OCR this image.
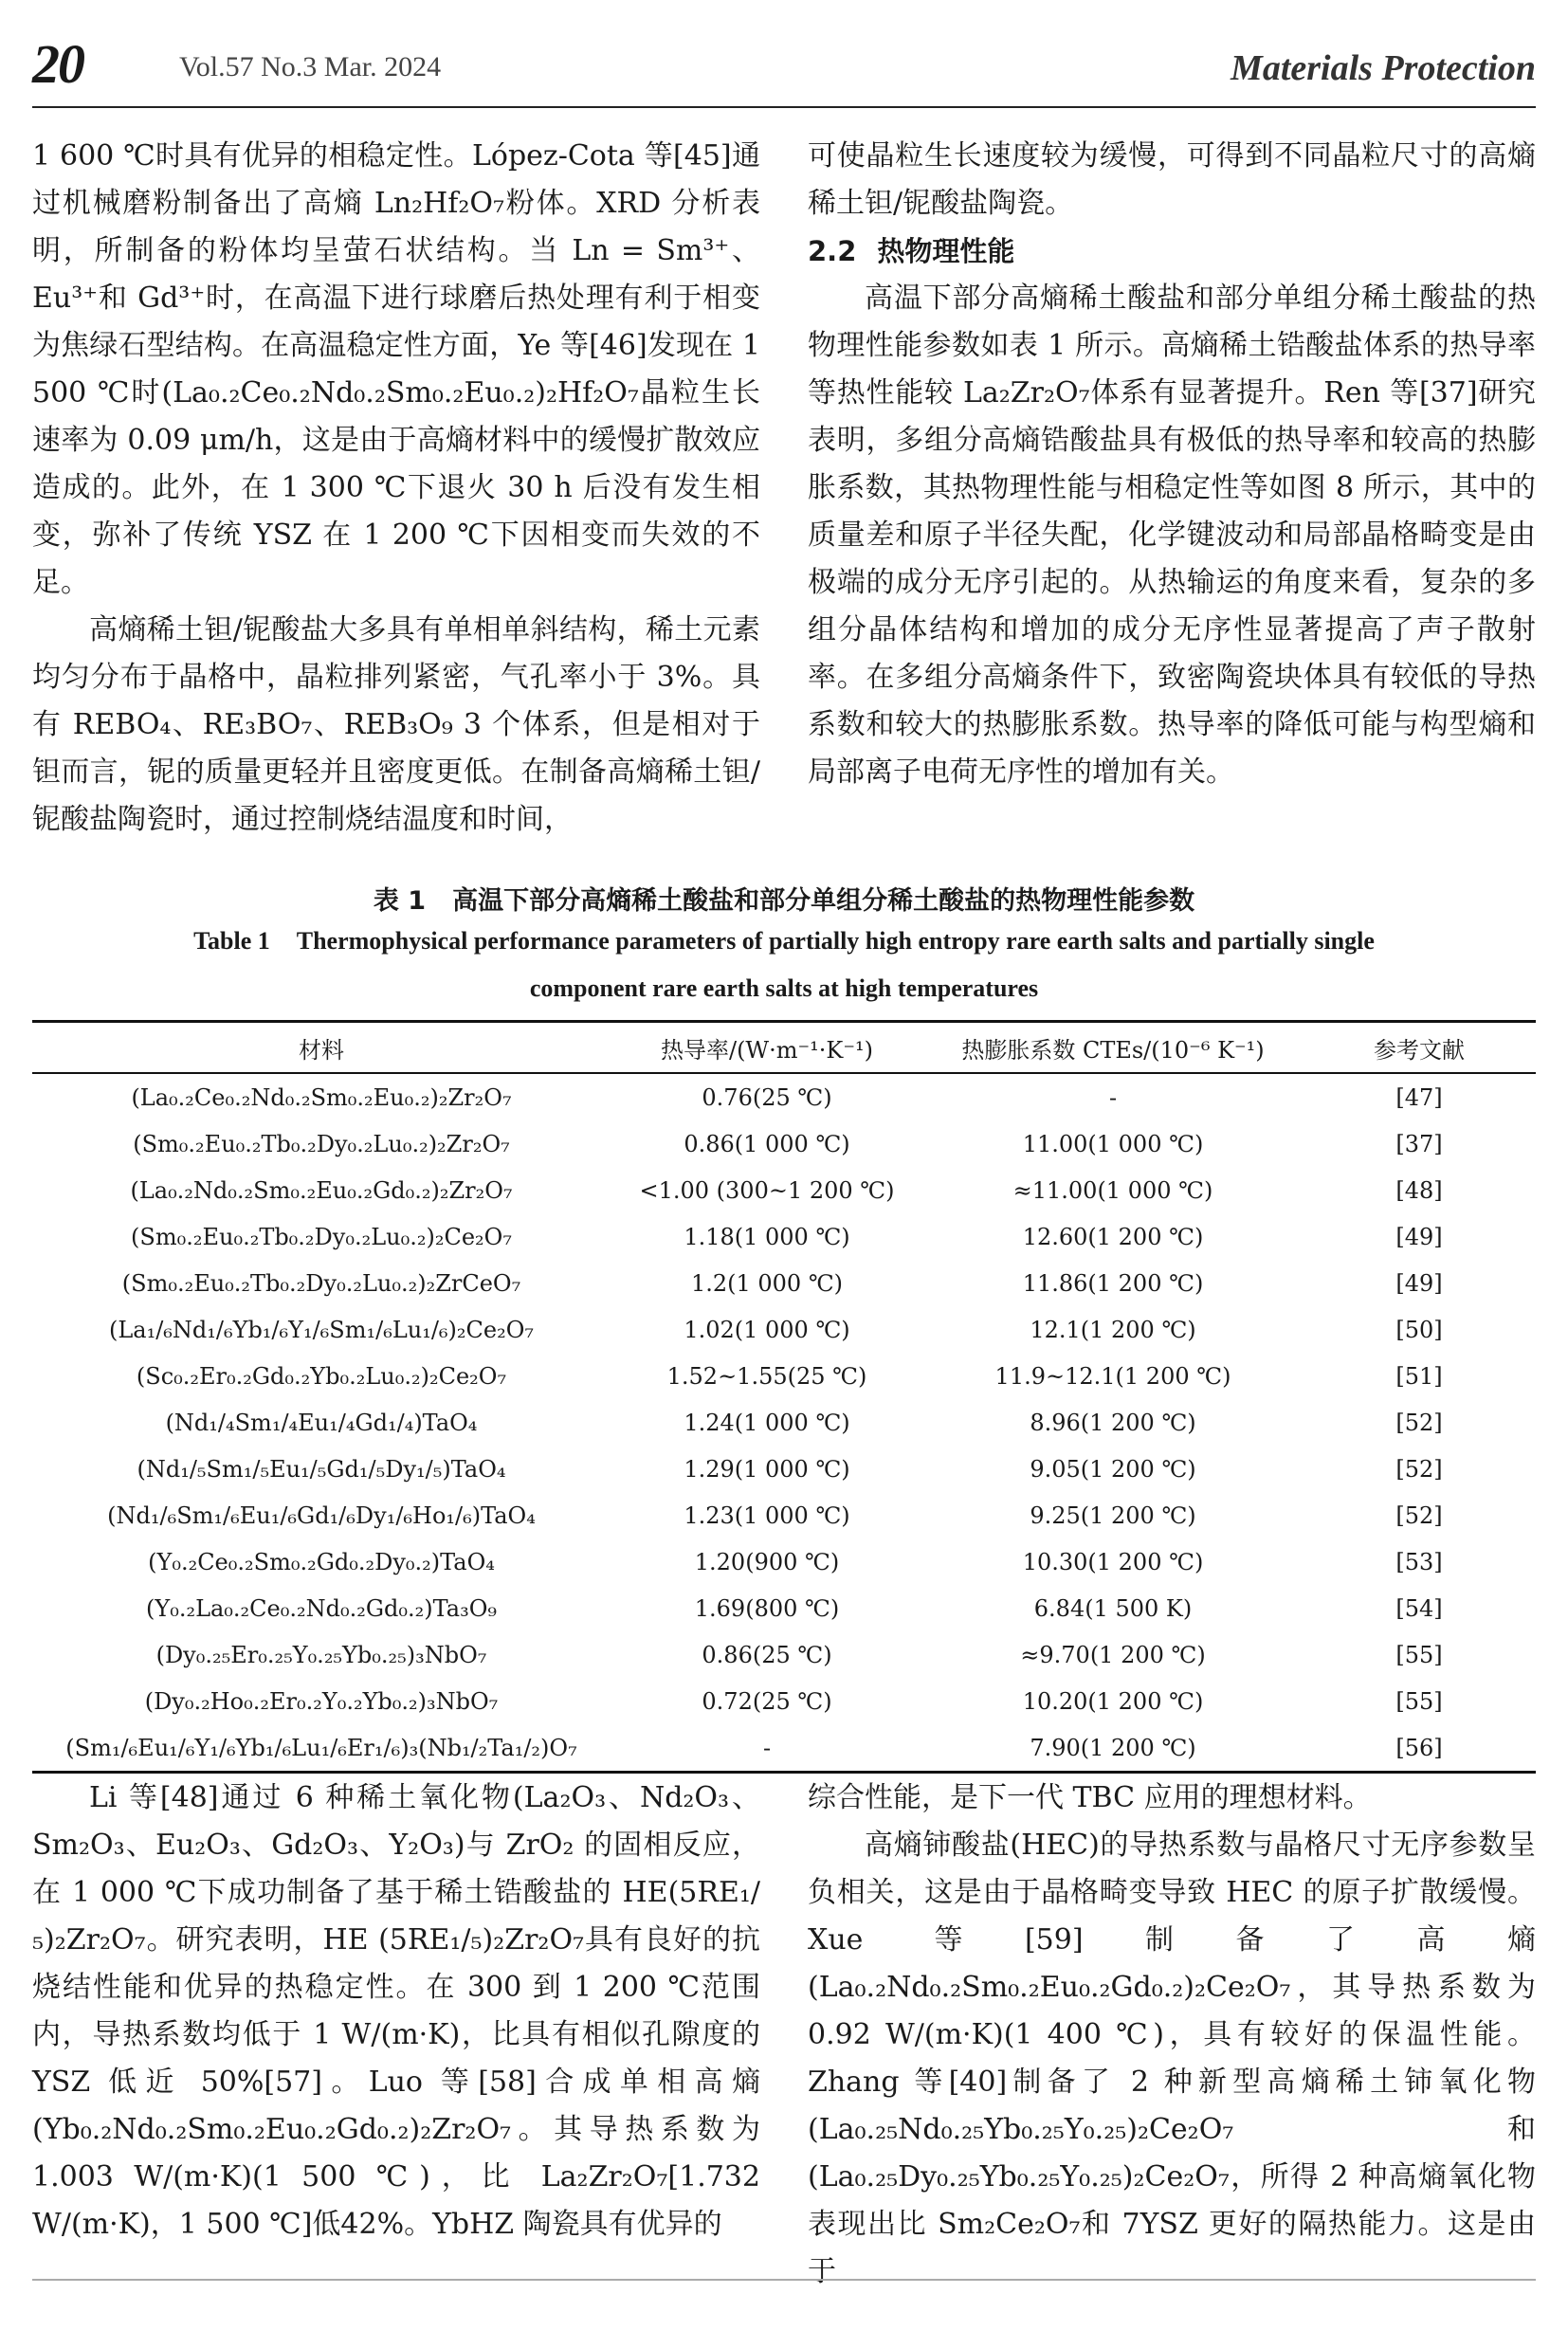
20	Vol.57 No.3 Mar. 2024	Materials Protection

1 600 ℃时具有优异的相稳定性。López-Cota 等[45]通过机械磨粉制备出了高熵 Ln₂Hf₂O₇粉体。XRD 分析表明，所制备的粉体均呈萤石状结构。当 Ln = Sm³⁺、Eu³⁺和 Gd³⁺时，在高温下进行球磨后热处理有利于相变为焦绿石型结构。在高温稳定性方面，Ye 等[46]发现在 1 500 ℃时(La₀.₂Ce₀.₂Nd₀.₂Sm₀.₂Eu₀.₂)₂Hf₂O₇晶粒生长速率为 0.09 μm/h，这是由于高熵材料中的缓慢扩散效应造成的。此外，在 1 300 ℃下退火 30 h 后没有发生相变，弥补了传统 YSZ 在 1 200 ℃下因相变而失效的不足。

高熵稀土钽/铌酸盐大多具有单相单斜结构，稀土元素均匀分布于晶格中，晶粒排列紧密，气孔率小于 3%。具有 REBO₄、RE₃BO₇、REB₃O₉ 3 个体系，但是相对于钽而言，铌的质量更轻并且密度更低。在制备高熵稀土钽/铌酸盐陶瓷时，通过控制烧结温度和时间，

可使晶粒生长速度较为缓慢，可得到不同晶粒尺寸的高熵稀土钽/铌酸盐陶瓷。

2.2 热物理性能

高温下部分高熵稀土酸盐和部分单组分稀土酸盐的热物理性能参数如表 1 所示。高熵稀土锆酸盐体系的热导率等热性能较 La₂Zr₂O₇体系有显著提升。Ren 等[37]研究表明，多组分高熵锆酸盐具有极低的热导率和较高的热膨胀系数，其热物理性能与相稳定性等如图 8 所示，其中的质量差和原子半径失配，化学键波动和局部晶格畸变是由极端的成分无序引起的。从热输运的角度来看，复杂的多组分晶体结构和增加的成分无序性显著提高了声子散射率。在多组分高熵条件下，致密陶瓷块体具有较低的导热系数和较大的热膨胀系数。热导率的降低可能与构型熵和局部离子电荷无序性的增加有关。

表 1 高温下部分高熵稀土酸盐和部分单组分稀土酸盐的热物理性能参数
Table 1 Thermophysical performance parameters of partially high entropy rare earth salts and partially single
component rare earth salts at high temperatures
材料	热导率/(W·m⁻¹·K⁻¹)	热膨胀系数 CTEs/(10⁻⁶ K⁻¹)	参考文献
(La₀.₂Ce₀.₂Nd₀.₂Sm₀.₂Eu₀.₂)₂Zr₂O₇	0.76(25 ℃)	-	[47]
(Sm₀.₂Eu₀.₂Tb₀.₂Dy₀.₂Lu₀.₂)₂Zr₂O₇	0.86(1 000 ℃)	11.00(1 000 ℃)	[37]
(La₀.₂Nd₀.₂Sm₀.₂Eu₀.₂Gd₀.₂)₂Zr₂O₇	<1.00 (300~1 200 ℃)	≈11.00(1 000 ℃)	[48]
(Sm₀.₂Eu₀.₂Tb₀.₂Dy₀.₂Lu₀.₂)₂Ce₂O₇	1.18(1 000 ℃)	12.60(1 200 ℃)	[49]
(Sm₀.₂Eu₀.₂Tb₀.₂Dy₀.₂Lu₀.₂)₂ZrCeO₇	1.2(1 000 ℃)	11.86(1 200 ℃)	[49]
(La₁/₆Nd₁/₆Yb₁/₆Y₁/₆Sm₁/₆Lu₁/₆)₂Ce₂O₇	1.02(1 000 ℃)	12.1(1 200 ℃)	[50]
(Sc₀.₂Er₀.₂Gd₀.₂Yb₀.₂Lu₀.₂)₂Ce₂O₇	1.52~1.55(25 ℃)	11.9~12.1(1 200 ℃)	[51]
(Nd₁/₄Sm₁/₄Eu₁/₄Gd₁/₄)TaO₄	1.24(1 000 ℃)	8.96(1 200 ℃)	[52]
(Nd₁/₅Sm₁/₅Eu₁/₅Gd₁/₅Dy₁/₅)TaO₄	1.29(1 000 ℃)	9.05(1 200 ℃)	[52]
(Nd₁/₆Sm₁/₆Eu₁/₆Gd₁/₆Dy₁/₆Ho₁/₆)TaO₄	1.23(1 000 ℃)	9.25(1 200 ℃)	[52]
(Y₀.₂Ce₀.₂Sm₀.₂Gd₀.₂Dy₀.₂)TaO₄	1.20(900 ℃)	10.30(1 200 ℃)	[53]
(Y₀.₂La₀.₂Ce₀.₂Nd₀.₂Gd₀.₂)Ta₃O₉	1.69(800 ℃)	6.84(1 500 K)	[54]
(Dy₀.₂₅Er₀.₂₅Y₀.₂₅Yb₀.₂₅)₃NbO₇	0.86(25 ℃)	≈9.70(1 200 ℃)	[55]
(Dy₀.₂Ho₀.₂Er₀.₂Y₀.₂Yb₀.₂)₃NbO₇	0.72(25 ℃)	10.20(1 200 ℃)	[55]
(Sm₁/₆Eu₁/₆Y₁/₆Yb₁/₆Lu₁/₆Er₁/₆)₃(Nb₁/₂Ta₁/₂)O₇	-	7.90(1 200 ℃)	[56]

Li 等[48]通过 6 种稀土氧化物(La₂O₃、Nd₂O₃、Sm₂O₃、Eu₂O₃、Gd₂O₃、Y₂O₃)与 ZrO₂ 的固相反应，在 1 000 ℃下成功制备了基于稀土锆酸盐的 HE(5RE₁/₅)₂Zr₂O₇。研究表明，HE (5RE₁/₅)₂Zr₂O₇具有良好的抗烧结性能和优异的热稳定性。在 300 到 1 200 ℃范围内，导热系数均低于 1 W/(m·K)，比具有相似孔隙度的 YSZ 低近 50%[57]。Luo 等[58]合成单相高熵(Yb₀.₂Nd₀.₂Sm₀.₂Eu₀.₂Gd₀.₂)₂Zr₂O₇。其导热系数为1.003 W/(m·K)(1 500 ℃)，比 La₂Zr₂O₇[1.732 W/(m·K)，1 500 ℃]低42%。YbHZ 陶瓷具有优异的

综合性能，是下一代 TBC 应用的理想材料。

高熵铈酸盐(HEC)的导热系数与晶格尺寸无序参数呈负相关，这是由于晶格畸变导致 HEC 的原子扩散缓慢。Xue 等[59]制备了高熵(La₀.₂Nd₀.₂Sm₀.₂Eu₀.₂Gd₀.₂)₂Ce₂O₇，其导热系数为 0.92 W/(m·K)(1 400 ℃)，具有较好的保温性能。Zhang 等[40]制备了 2 种新型高熵稀土铈氧化物(La₀.₂₅Nd₀.₂₅Yb₀.₂₅Y₀.₂₅)₂Ce₂O₇和(La₀.₂₅Dy₀.₂₅Yb₀.₂₅Y₀.₂₅)₂Ce₂O₇，所得 2 种高熵氧化物表现出比 Sm₂Ce₂O₇和 7YSZ 更好的隔热能力。这是由于
